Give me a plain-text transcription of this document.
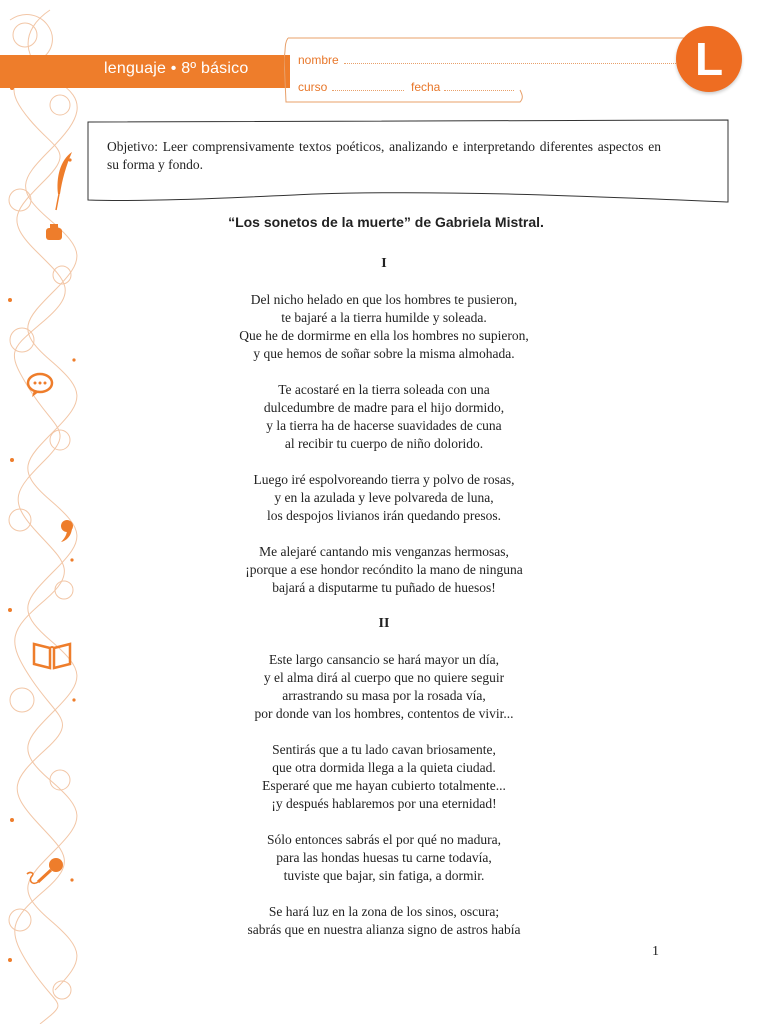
lenguaje • 8º básico	nombre
curso	fecha
L
Objetivo: Leer comprensivamente textos poéticos, analizando e interpretando diferentes aspectos en su forma y fondo.
“Los sonetos de la muerte” de Gabriela Mistral.
I
Del nicho helado en que los hombres te pusieron,
te bajaré a la tierra humilde y soleada.
Que he de dormirme en ella los hombres no supieron,
y que hemos de soñar sobre la misma almohada.
Te acostaré en la tierra soleada con una
dulcedumbre de madre para el hijo dormido,
y la tierra ha de hacerse suavidades de cuna
al recibir tu cuerpo de niño dolorido.
Luego iré espolvoreando tierra y polvo de rosas,
y en la azulada y leve polvareda de luna,
los despojos livianos irán quedando presos.
Me alejaré cantando mis venganzas hermosas,
¡porque a ese hondor recóndito la mano de ninguna
bajará a disputarme tu puñado de huesos!
II
Este largo cansancio se hará mayor un día,
y el alma dirá al cuerpo que no quiere seguir
arrastrando su masa por la rosada vía,
por donde van los hombres, contentos de vivir...
Sentirás que a tu lado cavan briosamente,
que otra dormida llega a la quieta ciudad.
Esperaré que me hayan cubierto totalmente...
¡y después hablaremos por una eternidad!
Sólo entonces sabrás el por qué no madura,
para las hondas huesas tu carne todavía,
tuviste que bajar, sin fatiga, a dormir.
Se hará luz en la zona de los sinos, oscura;
sabrás que en nuestra alianza signo de astros había
1
